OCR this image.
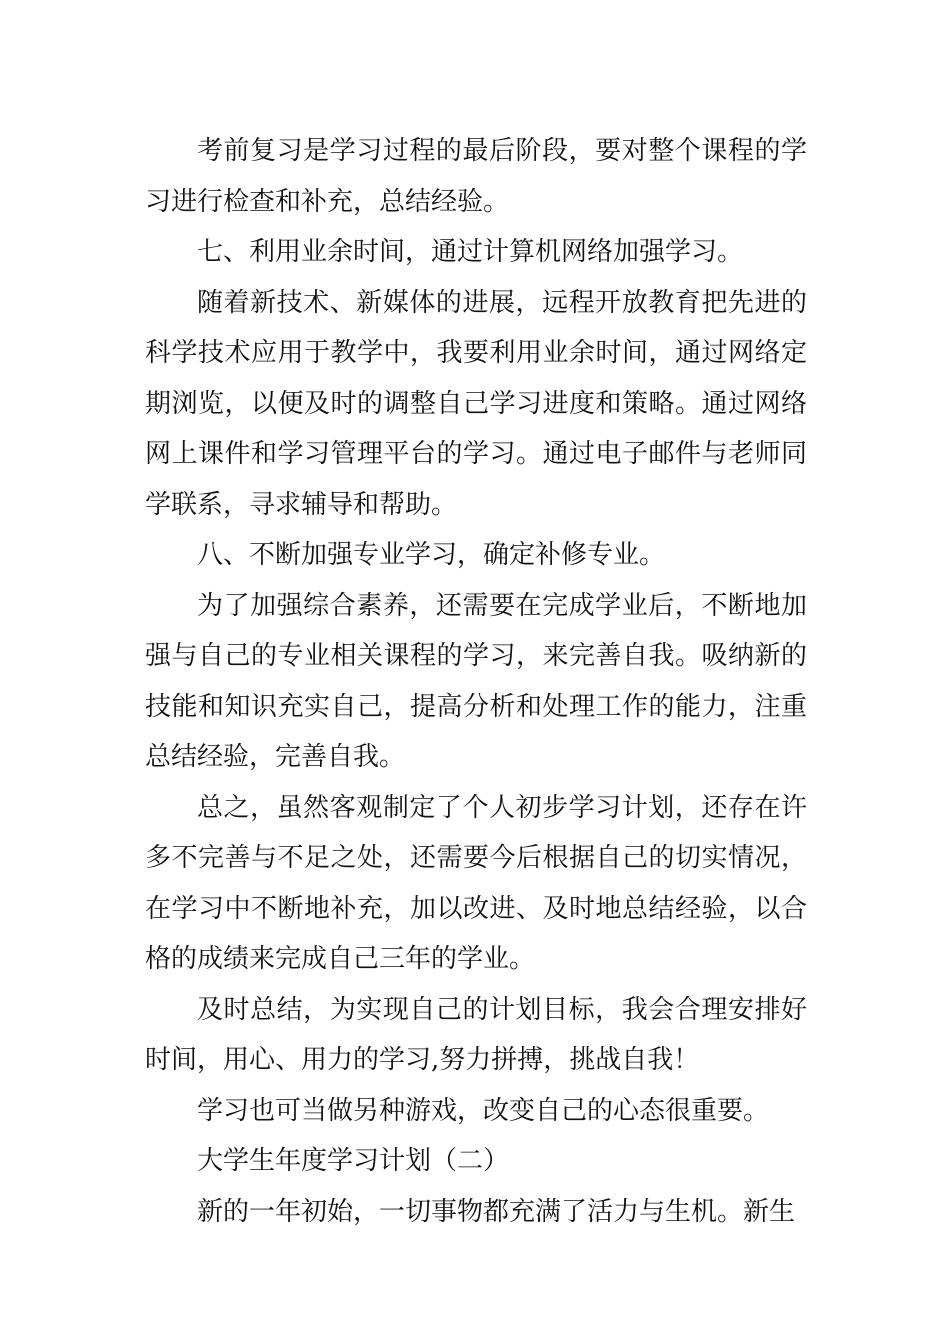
考前复习是学习过程的最后阶段，要对整个课程的学习进行检查和补充，总结经验。

七、利用业余时间，通过计算机网络加强学习。

随着新技术、新媒体的进展，远程开放教育把先进的科学技术应用于教学中，我要利用业余时间，通过网络定期浏览，以便及时的调整自己学习进度和策略。通过网络网上课件和学习管理平台的学习。通过电子邮件与老师同学联系，寻求辅导和帮助。

八、不断加强专业学习，确定补修专业。

为了加强综合素养，还需要在完成学业后，不断地加强与自己的专业相关课程的学习，来完善自我。吸纳新的技能和知识充实自己，提高分析和处理工作的能力，注重总结经验，完善自我。

总之，虽然客观制定了个人初步学习计划，还存在许多不完善与不足之处，还需要今后根据自己的切实情况，在学习中不断地补充，加以改进、及时地总结经验，以合格的成绩来完成自己三年的学业。

及时总结，为实现自己的计划目标，我会合理安排好时间，用心、用力的学习,努力拼搏，挑战自我！

学习也可当做另种游戏，改变自己的心态很重要。

大学生年度学习计划（二）

新的一年初始，一切事物都充满了活力与生机。新生
